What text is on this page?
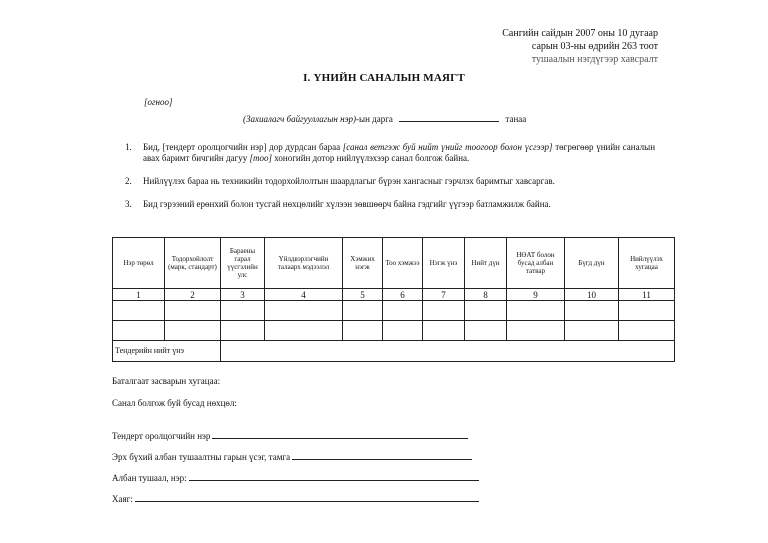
Сангийн сайдын 2007 оны 10 дугаар
сарын 03-ны өдрийн 263 тоот
тушаалын нэгдүгээр хавсралт
I. ҮНИЙН САНАЛЫН МАЯГТ
[огноо]
(Захиалагч байгууллагын нэр)-ын дарга	танаа
1.	Бид, [тендерт оролцогчийн нэр] дор дурдсан бараа [санал ветгэж буй нийт үнийг тоогоор болон үсгээр] төгрөгөөр үнийн саналын авах баримт бичгийн дагуу [тоо] хоногийн дотор нийлүүлэхээр санал болгож байна.
2.	Нийлүүлэх бараа нь техникийн тодорхойлолтын шаардлагыг бүрэн хангасныг гэрчлэх баримтыг хавсаргав.
3.	Бид гэрээний ерөнхий болон тусгай нөхцөлийг хүлээн зөвшөөрч байна гэдгийг үүгээр батламжилж байна.
Нэр төрөл	Тодорхойлолт (марк, стандарт)	Бараены гарал үүсгэлийн улс	Үйлдвэрлэгчийн талаарх мэдээлэл	Хэмжих нэгж	Тоо хэмжээ	Нэгж үнэ	Нийт дүн	НӨАТ болон бусад албан татвар	Бүгд дүн	Нийлүүлэх хугацаа
1	2	3	4	5	6	7	8	9	10	11

Тендерийн нийт үнэ										
Баталгаат засварын хугацаа:
Санал болгож буй бусад нөхцөл:
Тендерт оролцогчийн нэр
Эрх бүхий албан тушаалтны гарын үсэг, тамга
Албан тушаал, нэр:
Хаяг:
